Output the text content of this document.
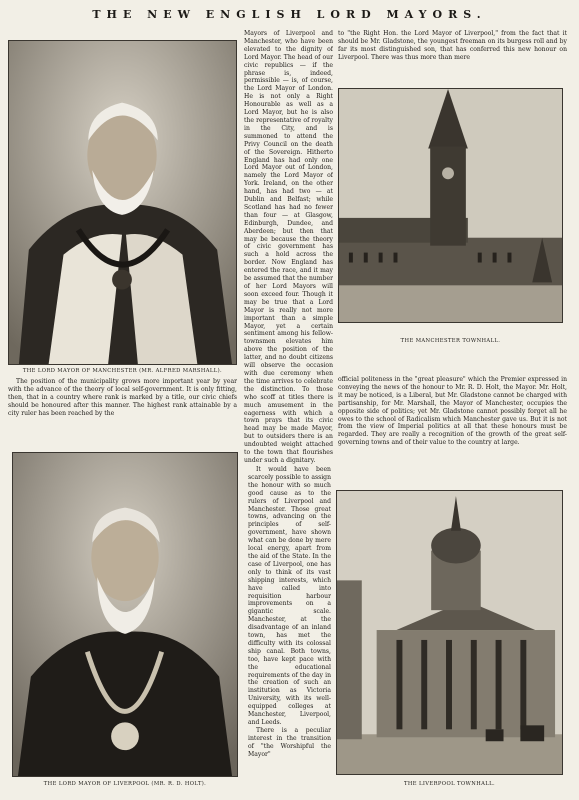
THE NEW ENGLISH LORD MAYORS.
THE LORD MAYOR OF MANCHESTER (MR. ALFRED MARSHALL).
THE MANCHESTER TOWNHALL.
THE LORD MAYOR OF LIVERPOOL (MR. R. D. HOLT).	THE LIVERPOOL TOWNHALL.

The position of the municipality grows more important year by year with the advance of the theory of local self-government. It is only fitting, then, that in a country where rank is marked by a title, our civic chiefs should be honoured after this manner. The highest rank attainable by a city ruler has been reached by the

Mayors of Liverpool and Manchester, who have been elevated to the dignity of Lord Mayor. The head of our civic republics — if the phrase is, indeed, permissible — is, of course, the Lord Mayor of London. He is not only a Right Honourable as well as a Lord Mayor, but he is also the representative of royalty in the City, and is summoned to attend the Privy Council on the death of the Sovereign. Hitherto England has had only one Lord Mayor out of London, namely the Lord Mayor of York. Ireland, on the other hand, has had two — at Dublin and Belfast; while Scotland has had no fewer than four — at Glasgow, Edinburgh, Dundee, and Aberdeen; but then that may be because the theory of civic government has such a hold across the border. Now England has entered the race, and it may be assumed that the number of her Lord Mayors will soon exceed four. Though it may be true that a Lord Mayor is really not more important than a simple Mayor, yet a certain sentiment among his fellow-townsmen elevates him above the position of the latter, and no doubt citizens will observe the occasion with due ceremony when the time arrives to celebrate the distinction. To those who scoff at titles there is much amusement in the eagerness with which a town prays that its civic head may be made Mayor, but to outsiders there is an undoubted weight attached to the town that flourishes under such a dignitary.

It would have been scarcely possible to assign the honour with so much good cause as to the rulers of Liverpool and Manchester. Those great towns, advancing on the principles of self-government, have shown what can be done by mere local energy, apart from the aid of the State. In the case of Liverpool, one has only to think of its vast shipping interests, which have called into requisition harbour improvements on a gigantic scale. Manchester, at the disadvantage of an inland town, has met the difficulty with its colossal ship canal. Both towns, too, have kept pace with the educational requirements of the day in the creation of such an institution as Victoria University, with its well-equipped colleges at Manchester, Liverpool, and Leeds.

There is a peculiar interest in the transition of "the Worshipful the Mayor"

to "the Right Hon. the Lord Mayor of Liverpool," from the fact that it should be Mr. Gladstone, the youngest freeman on its burgess roll and by far its most distinguished son, that has conferred this new honour on Liverpool. There was thus more than mere

official politeness in the "great pleasure" which the Premier expressed in conveying the news of the honour to Mr. R. D. Holt, the Mayor. Mr. Holt, it may be noticed, is a Liberal, but Mr. Gladstone cannot be charged with partisanship, for Mr. Marshall, the Mayor of Manchester, occupies the opposite side of politics; yet Mr. Gladstone cannot possibly forget all he owes to the school of Radicalism which Manchester gave us. But it is not from the view of Imperial politics at all that these honours must be regarded. They are really a recognition of the growth of the great self-governing towns and of their value to the country at large.
